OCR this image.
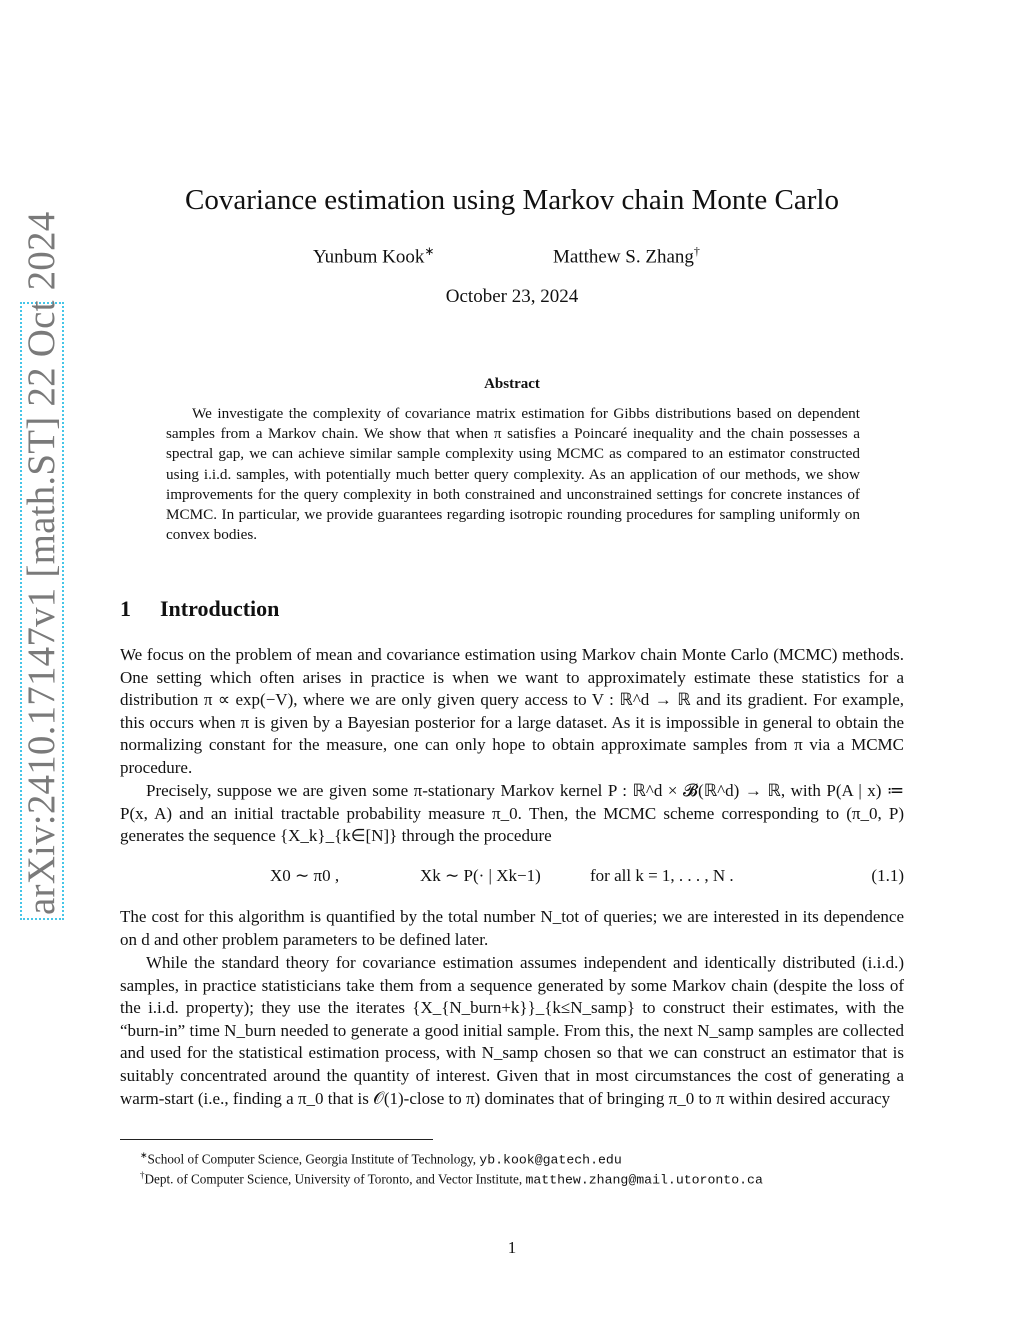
arXiv:2410.17147v1 [math.ST] 22 Oct 2024
Covariance estimation using Markov chain Monte Carlo
Yunbum Kook∗	Matthew S. Zhang†
October 23, 2024
Abstract
We investigate the complexity of covariance matrix estimation for Gibbs distributions based on dependent samples from a Markov chain. We show that when π satisfies a Poincaré inequality and the chain possesses a spectral gap, we can achieve similar sample complexity using MCMC as compared to an estimator constructed using i.i.d. samples, with potentially much better query complexity. As an application of our methods, we show improvements for the query complexity in both constrained and unconstrained settings for concrete instances of MCMC. In particular, we provide guarantees regarding isotropic rounding procedures for sampling uniformly on convex bodies.
1 Introduction
We focus on the problem of mean and covariance estimation using Markov chain Monte Carlo (MCMC) methods. One setting which often arises in practice is when we want to approximately estimate these statistics for a distribution π ∝ exp(−V), where we are only given query access to V : ℝ^d → ℝ and its gradient. For example, this occurs when π is given by a Bayesian posterior for a large dataset. As it is impossible in general to obtain the normalizing constant for the measure, one can only hope to obtain approximate samples from π via a MCMC procedure.
Precisely, suppose we are given some π-stationary Markov kernel P : ℝ^d × 𝓑(ℝ^d) → ℝ, with P(A | x) ≔ P(x, A) and an initial tractable probability measure π_0. Then, the MCMC scheme corresponding to (π_0, P) generates the sequence {X_k}_{k∈[N]} through the procedure
X0 ∼ π0 ,	Xk ∼ P(· | Xk−1)	for all k = 1, . . . , N .	(1.1)
The cost for this algorithm is quantified by the total number N_tot of queries; we are interested in its dependence on d and other problem parameters to be defined later.
While the standard theory for covariance estimation assumes independent and identically distributed (i.i.d.) samples, in practice statisticians take them from a sequence generated by some Markov chain (despite the loss of the i.i.d. property); they use the iterates {X_{N_burn+k}}_{k≤N_samp} to construct their estimates, with the “burn-in” time N_burn needed to generate a good initial sample. From this, the next N_samp samples are collected and used for the statistical estimation process, with N_samp chosen so that we can construct an estimator that is suitably concentrated around the quantity of interest. Given that in most circumstances the cost of generating a warm-start (i.e., finding a π_0 that is 𝒪(1)-close to π) dominates that of bringing π_0 to π within desired accuracy
∗School of Computer Science, Georgia Institute of Technology, yb.kook@gatech.edu
†Dept. of Computer Science, University of Toronto, and Vector Institute, matthew.zhang@mail.utoronto.ca
1
